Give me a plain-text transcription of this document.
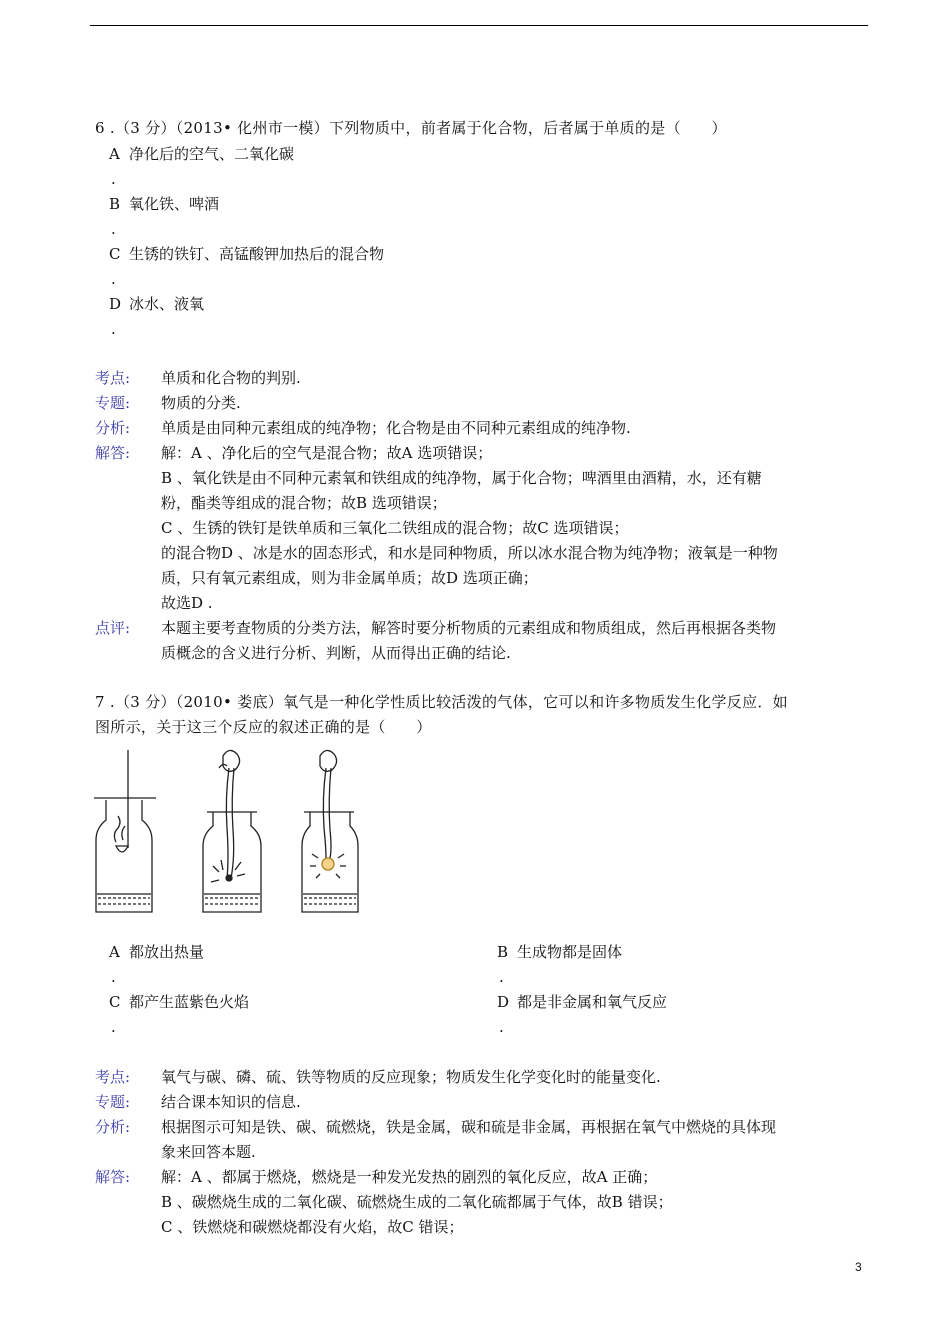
6 .（3 分）（2013• 化州市一模）下列物质中，前者属于化合物，后者属于单质的是（　　）
A 净化后的空气、二氧化碳
.
B 氧化铁、啤酒
.
C 生锈的铁钉、高锰酸钾加热后的混合物
.
D 冰水、液氧
.
考点: 单质和化合物的判别.
专题: 物质的分类.
分析: 单质是由同种元素组成的纯净物；化合物是由不同种元素组成的纯净物.
解答: 解：A 、净化后的空气是混合物；故A 选项错误；
B 、氧化铁是由不同种元素氧和铁组成的纯净物，属于化合物；啤酒里由酒精，水，还有糖
粉，酯类等组成的混合物；故B 选项错误；
C 、生锈的铁钉是铁单质和三氧化二铁组成的混合物；故C 选项错误；
的混合物D 、冰是水的固态形式，和水是同种物质，所以冰水混合物为纯净物；液氧是一种物
质，只有氧元素组成，则为非金属单质；故D 选项正确；
故选D .
点评: 本题主要考查物质的分类方法，解答时要分析物质的元素组成和物质组成，然后再根据各类物
质概念的含义进行分析、判断，从而得出正确的结论.
7 .（3 分）（2010• 娄底）氧气是一种化学性质比较活泼的气体，它可以和许多物质发生化学反应．如
图所示，关于这三个反应的叙述正确的是（　　）
A 都放出热量	B 生成物都是固体
.	.
C 都产生蓝紫色火焰	D 都是非金属和氧气反应
.	.
考点: 氧气与碳、磷、硫、铁等物质的反应现象；物质发生化学变化时的能量变化.
专题: 结合课本知识的信息.
分析: 根据图示可知是铁、碳、硫燃烧，铁是金属，碳和硫是非金属，再根据在氧气中燃烧的具体现
象来回答本题.
解答: 解：A 、都属于燃烧，燃烧是一种发光发热的剧烈的氧化反应，故A 正确；
B 、碳燃烧生成的二氧化碳、硫燃烧生成的二氧化硫都属于气体，故B 错误；
C 、铁燃烧和碳燃烧都没有火焰，故C 错误；
3
